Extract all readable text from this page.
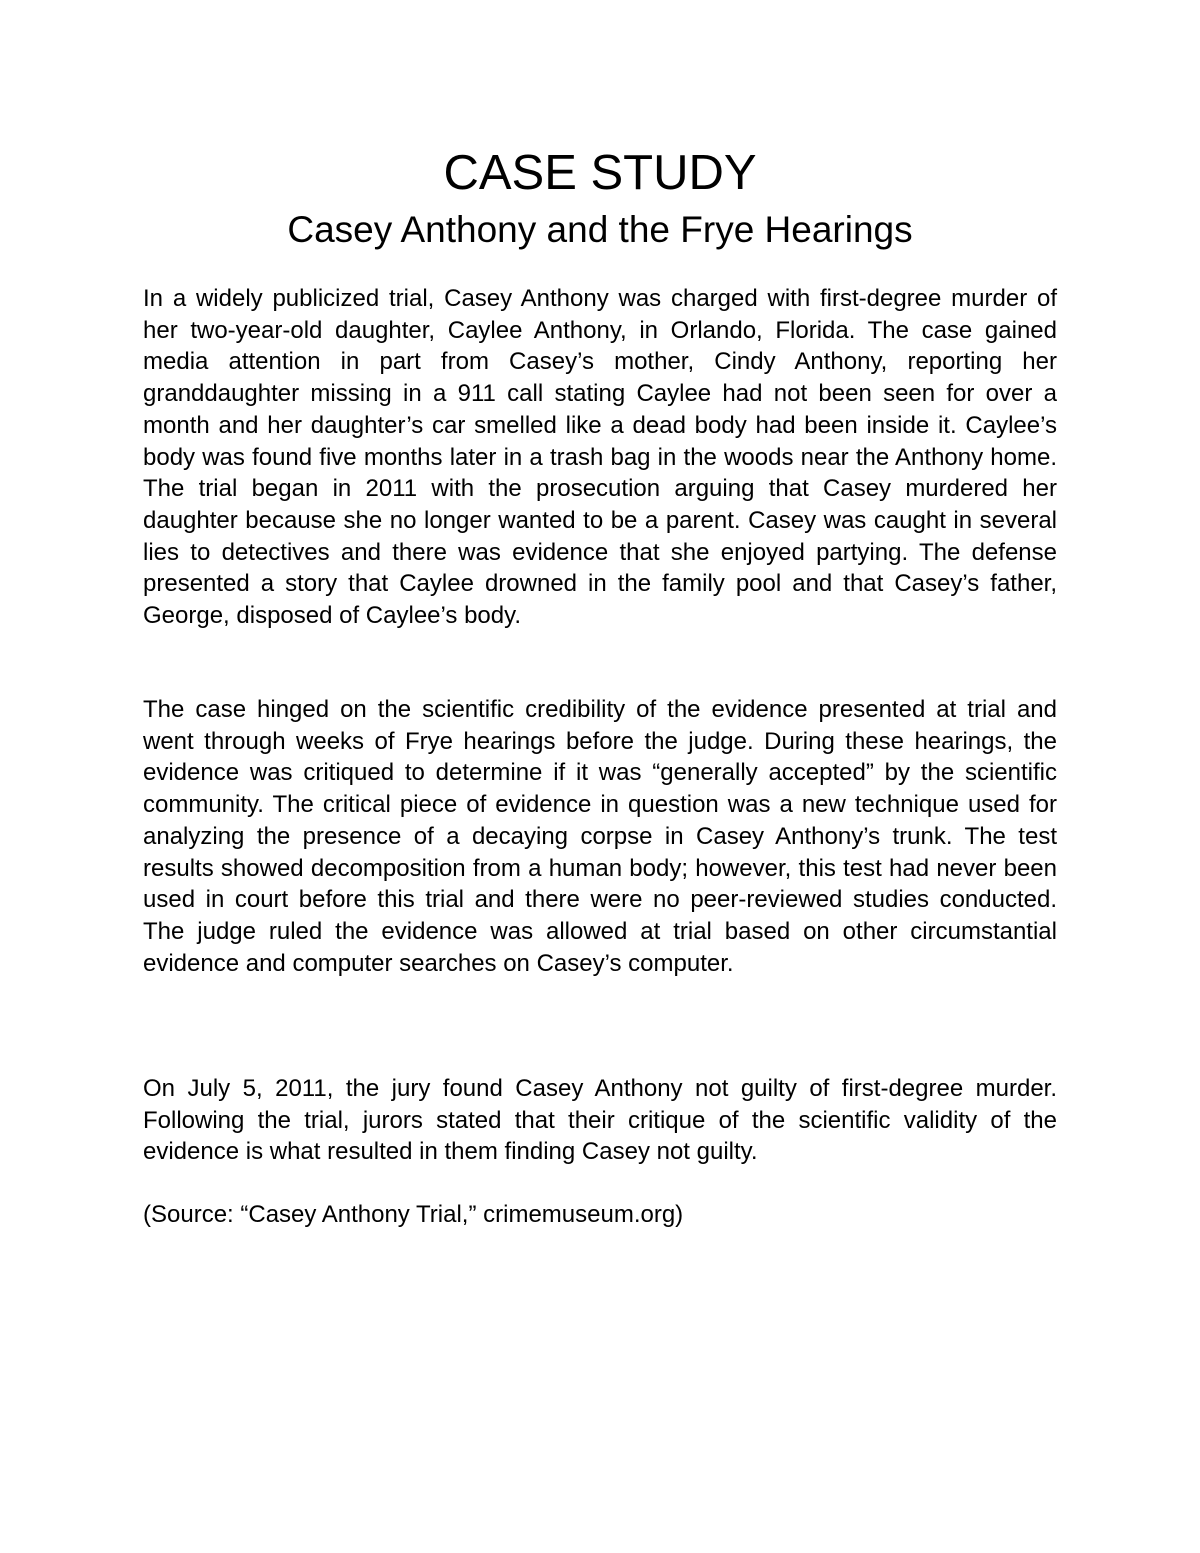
CASE STUDY
Casey Anthony and the Frye Hearings

In a widely publicized trial, Casey Anthony was charged with first-degree murder of her two-year-old daughter, Caylee Anthony, in Orlando, Florida. The case gained media attention in part from Casey’s mother, Cindy Anthony, reporting her granddaughter missing in a 911 call stating Caylee had not been seen for over a month and her daughter’s car smelled like a dead body had been inside it. Caylee’s body was found five months later in a trash bag in the woods near the Anthony home. The trial began in 2011 with the prosecution arguing that Casey murdered her daughter because she no longer wanted to be a parent. Casey was caught in several lies to detectives and there was evidence that she enjoyed partying. The defense presented a story that Caylee drowned in the family pool and that Casey’s father, George, disposed of Caylee’s body.

The case hinged on the scientific credibility of the evidence presented at trial and went through weeks of Frye hearings before the judge. During these hearings, the evidence was critiqued to determine if it was “generally accepted” by the scientific community. The critical piece of evidence in question was a new technique used for analyzing the presence of a decaying corpse in Casey Anthony’s trunk. The test results showed decomposition from a human body; however, this test had never been used in court before this trial and there were no peer-reviewed studies conducted. The judge ruled the evidence was allowed at trial based on other circumstantial evidence and computer searches on Casey’s computer.

On July 5, 2011, the jury found Casey Anthony not guilty of first-degree murder. Following the trial, jurors stated that their critique of the scientific validity of the evidence is what resulted in them finding Casey not guilty.

(Source: “Casey Anthony Trial,” crimemuseum.org)
